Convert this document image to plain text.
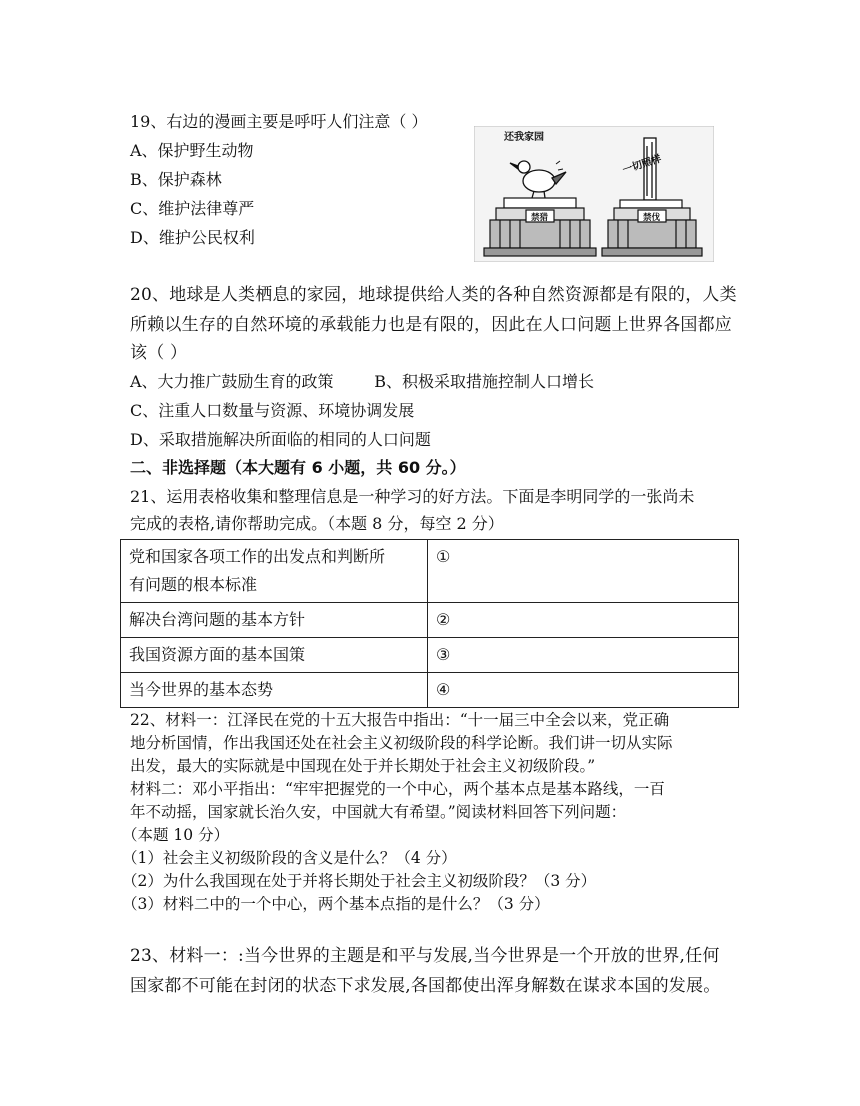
19、右边的漫画主要是呼吁人们注意（ ）
A、保护野生动物
B、保护森林
C、维护法律尊严
D、维护公民权利
还我家园
禁猎
一切照样
禁伐
20、地球是人类栖息的家园，地球提供给人类的各种自然资源都是有限的，人类
所赖以生存的自然环境的承载能力也是有限的，因此在人口问题上世界各国都应
该（ ）
A、大力推广鼓励生育的政策        B、积极采取措施控制人口增长
C、注重人口数量与资源、环境协调发展
D、采取措施解决所面临的相同的人口问题
二、非选择题（本大题有 6 小题，共 60 分。）
21、运用表格收集和整理信息是一种学习的好方法。下面是李明同学的一张尚未
完成的表格,请你帮助完成。（本题 8 分，每空 2 分）
党和国家各项工作的出发点和判断所
有问题的根本标准	①
解决台湾问题的基本方针	②
我国资源方面的基本国策	③
当今世界的基本态势	④
22、材料一：江泽民在党的十五大报告中指出：“十一届三中全会以来，党正确
地分析国情，作出我国还处在社会主义初级阶段的科学论断。我们讲一切从实际
出发，最大的实际就是中国现在处于并长期处于社会主义初级阶段。”
材料二：邓小平指出：“牢牢把握党的一个中心，两个基本点是基本路线，一百
年不动摇，国家就长治久安，中国就大有希望。”阅读材料回答下列问题：
（本题 10 分）
（1）社会主义初级阶段的含义是什么？（4 分）
（2）为什么我国现在处于并将长期处于社会主义初级阶段？（3 分）
（3）材料二中的一个中心，两个基本点指的是什么？（3 分）
23、材料一：:当今世界的主题是和平与发展,当今世界是一个开放的世界,任何
国家都不可能在封闭的状态下求发展,各国都使出浑身解数在谋求本国的发展。
